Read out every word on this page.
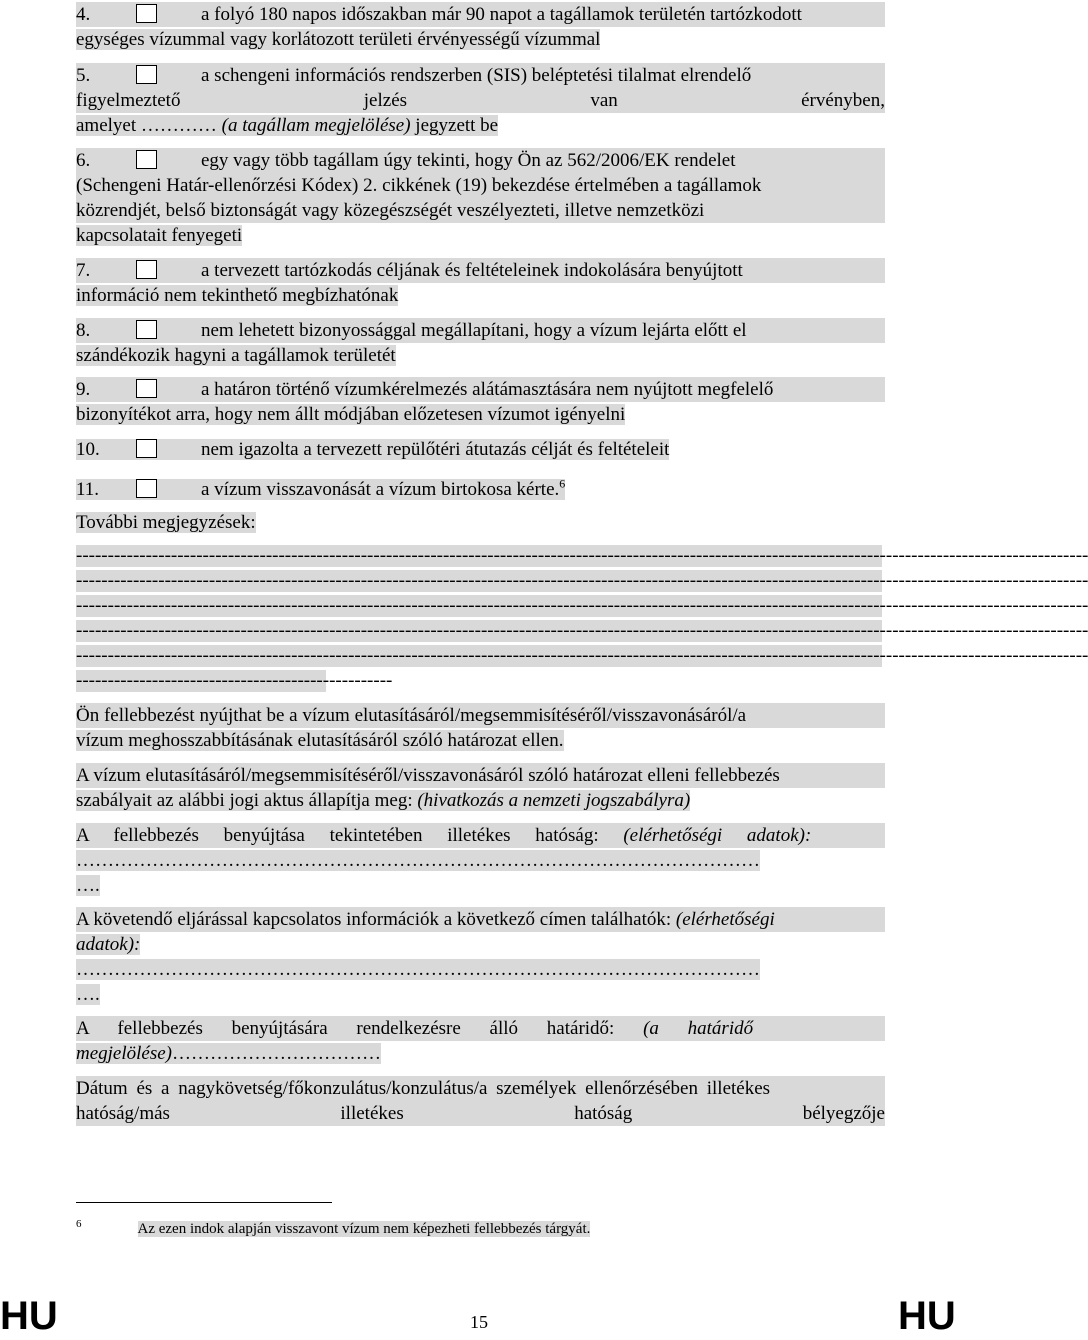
4.	a folyó 180 napos időszakban már 90 napot a tagállamok területén tartózkodott
egységes vízummal vagy korlátozott területi érvényességű vízummal
5.	a schengeni információs rendszerben (SIS) beléptetési tilalmat elrendelő
figyelmeztető	jelzés	van	érvényben,
amelyet ………… (a tagállam megjelölése) jegyzett be
6.	egy vagy több tagállam úgy tekinti, hogy Ön az 562/2006/EK rendelet
(Schengeni Határ-ellenőrzési Kódex) 2. cikkének (19) bekezdése értelmében a tagállamok
közrendjét, belső biztonságát vagy közegészségét veszélyezteti, illetve nemzetközi
kapcsolatait fenyegeti
7.	a tervezett tartózkodás céljának és feltételeinek indokolására benyújtott
információ nem tekinthető megbízhatónak
8.	nem lehetett bizonyossággal megállapítani, hogy a vízum lejárta előtt el
szándékozik hagyni a tagállamok területét
9.	a határon történő vízumkérelmezés alátámasztására nem nyújtott megfelelő
bizonyítékot arra, hogy nem állt módjában előzetesen vízumot igényelni
10.	nem igazolta a tervezett repülőtéri átutazás célját és feltételeit
11.	a vízum visszavonását a vízum birtokosa kérte.$^6$
További megjegyzések:
----------------------------------------------------------------------------------------------------------------------------------------------------------------
----------------------------------------------------------------------------------------------------------------------------------------------------------------
----------------------------------------------------------------------------------------------------------------------------------------------------------------
----------------------------------------------------------------------------------------------------------------------------------------------------------------
----------------------------------------------------------------------------------------------------------------------------------------------------------------
--------------------------------------------------
Ön fellebbezést nyújthat be a vízum elutasításáról/megsemmisítéséről/visszavonásáról/a
vízum meghosszabbításának elutasításáról szóló határozat ellen.
A vízum elutasításáról/megsemmisítéséről/visszavonásáról szóló határozat elleni fellebbezés
szabályait az alábbi jogi aktus állapítja meg: (hivatkozás a nemzeti jogszabályra)
A fellebbezés benyújtása tekintetében illetékes hatóság: (elérhetőségi adatok):
………………………………………………………………………………………………
….
A követendő eljárással kapcsolatos információk a következő címen találhatók: (elérhetőségi
adatok):
………………………………………………………………………………………………
….
A fellebbezés benyújtására rendelkezésre álló határidő: (a határidő
megjelölése)……………………………
Dátum és a nagykövetség/főkonzulátus/konzulátus/a személyek ellenőrzésében illetékes
hatóság/más	illetékes	hatóság	bélyegzője
$^6$	Az ezen indok alapján visszavont vízum nem képezheti fellebbezés tárgyát.
HU	15	HU
